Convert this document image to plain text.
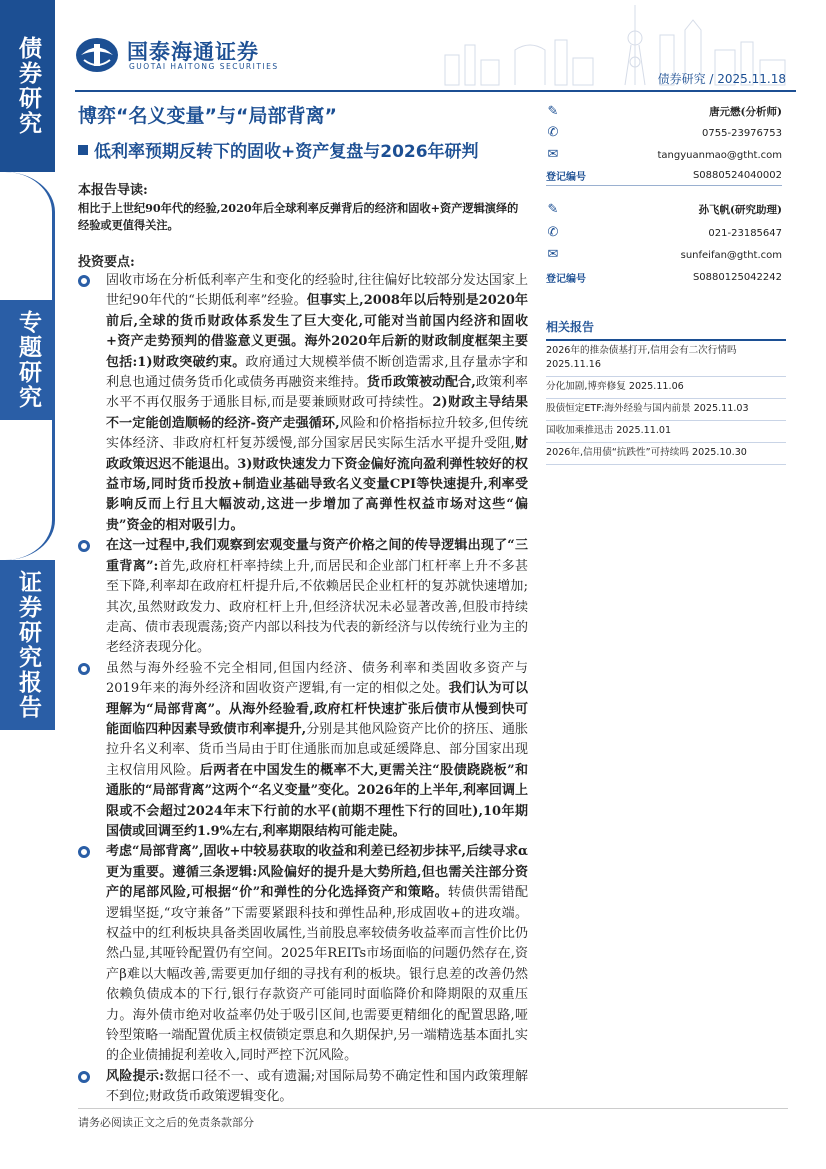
债券研究
专题研究
证券研究报告
国泰海通证券
GUOTAI HAITONG SECURITIES
债券研究 / 2025.11.18
博弈“名义变量”与“局部背离”
低利率预期反转下的固收+资产复盘与2026年研判
本报告导读:
相比于上世纪90年代的经验,2020年后全球利率反弹背后的经济和固收+资产逻辑演绎的经验或更值得关注。
投资要点:
固收市场在分析低利率产生和变化的经验时,往往偏好比较部分发达国家上世纪90年代的“长期低利率”经验。但事实上,2008年以后特别是2020年前后,全球的货币财政体系发生了巨大变化,可能对当前国内经济和固收+资产走势预判的借鉴意义更强。海外2020年后新的财政制度框架主要包括:1)财政突破约束。政府通过大规模举债不断创造需求,且存量赤字和利息也通过债务货币化或债务再融资来维持。货币政策被动配合,政策利率水平不再仅服务于通胀目标,而是要兼顾财政可持续性。2)财政主导结果不一定能创造顺畅的经济-资产走强循环,风险和价格指标拉升较多,但传统实体经济、非政府杠杆复苏缓慢,部分国家居民实际生活水平提升受阻,财政政策迟迟不能退出。3)财政快速发力下资金偏好流向盈利弹性较好的权益市场,同时货币投放+制造业基础导致名义变量CPI等快速提升,利率受影响反而上行且大幅波动,这进一步增加了高弹性权益市场对这些“偏贵”资金的相对吸引力。
在这一过程中,我们观察到宏观变量与资产价格之间的传导逻辑出现了“三重背离”:首先,政府杠杆率持续上升,而居民和企业部门杠杆率上升不多甚至下降,利率却在政府杠杆提升后,不依赖居民企业杠杆的复苏就快速增加;其次,虽然财政发力、政府杠杆上升,但经济状况未必显著改善,但股市持续走高、债市表现震荡;资产内部以科技为代表的新经济与以传统行业为主的老经济表现分化。
虽然与海外经验不完全相同,但国内经济、债务利率和类固收多资产与2019年来的海外经济和固收资产逻辑,有一定的相似之处。我们认为可以理解为“局部背离”。从海外经验看,政府杠杆快速扩张后债市从慢到快可能面临四种因素导致债市利率提升,分别是其他风险资产比价的挤压、通胀拉升名义利率、货币当局由于盯住通胀而加息或延缓降息、部分国家出现主权信用风险。后两者在中国发生的概率不大,更需关注“股债跷跷板”和通胀的“局部背离”这两个“名义变量”变化。2026年的上半年,利率回调上限或不会超过2024年末下行前的水平(前期不理性下行的回吐),10年期国债或回调至约1.9%左右,利率期限结构可能走陡。
考虑“局部背离”,固收+中较易获取的收益和利差已经初步抹平,后续寻求α更为重要。遵循三条逻辑:风险偏好的提升是大势所趋,但也需关注部分资产的尾部风险,可根据“价”和弹性的分化选择资产和策略。转债供需错配逻辑坚挺,“攻守兼备”下需要紧跟科技和弹性品种,形成固收+的进攻端。权益中的红利板块具备类固收属性,当前股息率较债务收益率而言性价比仍然凸显,其哑铃配置仍有空间。2025年REITs市场面临的问题仍然存在,资产β难以大幅改善,需要更加仔细的寻找有利的板块。银行息差的改善仍然依赖负债成本的下行,银行存款资产可能同时面临降价和降期限的双重压力。海外债市绝对收益率仍处于吸引区间,也需要更精细化的配置思路,哑铃型策略一端配置优质主权债锁定票息和久期保护,另一端精选基本面扎实的企业债捕捉利差收入,同时严控下沉风险。
风险提示:数据口径不一、或有遗漏;对国际局势不确定性和国内政策理解不到位;财政货币政策逻辑变化。
✎	唐元懋(分析师)
✆	0755-23976753
✉	tangyuanmao@gtht.com
登记编号	S0880524040002
✎	孙飞帆(研究助理)
✆	021-23185647
✉	sunfeifan@gtht.com
登记编号	S0880125042242
相关报告
2026年的推杂债基打开,信用会有二次行情吗 2025.11.16
分化加剧,博弈修复 2025.11.06
股债恒定ETF:海外经验与国内前景 2025.11.03
国收加乘推迅击 2025.11.01
2026年,信用债“抗跌性”可持续吗 2025.10.30
请务必阅读正文之后的免责条款部分
